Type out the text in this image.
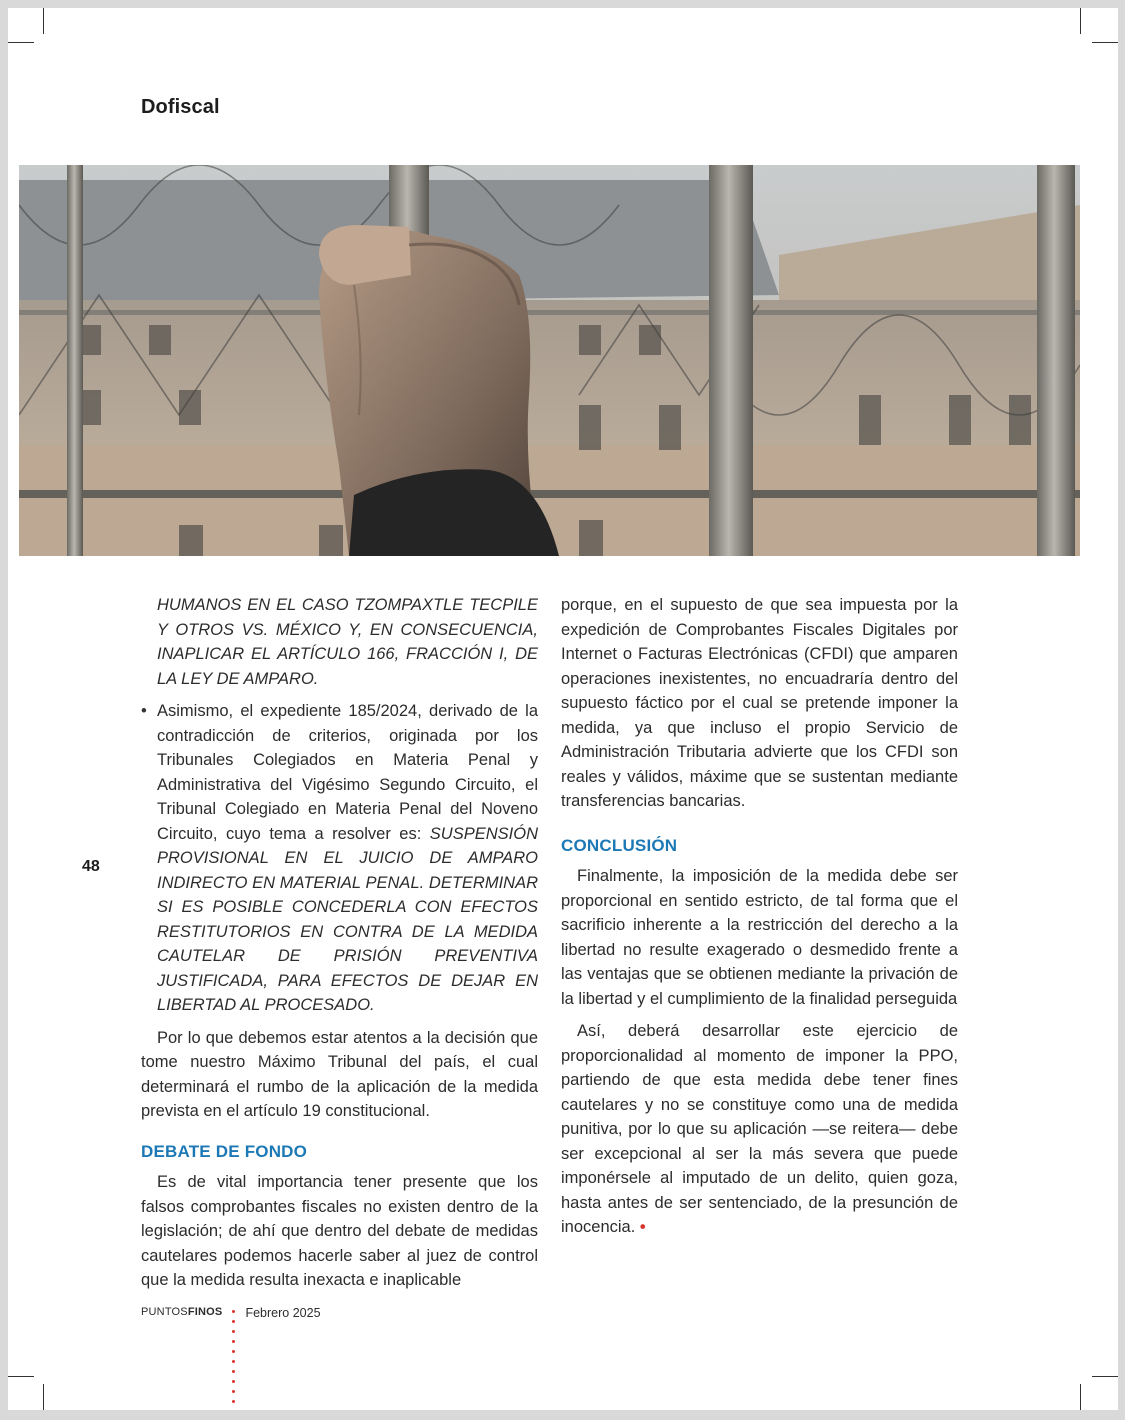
Dofiscal
48

HUMANOS EN EL CASO TZOMPAXTLE TECPILE Y OTROS VS. MÉXICO Y, EN CONSECUENCIA, INAPLICAR EL ARTÍCULO 166, FRACCIÓN I, DE LA LEY DE AMPARO.

• Asimismo, el expediente 185/2024, derivado de la contradicción de criterios, originada por los Tribunales Colegiados en Materia Penal y Administrativa del Vigésimo Segundo Circuito, el Tribunal Colegiado en Materia Penal del Noveno Circuito, cuyo tema a resolver es: SUSPENSIÓN PROVISIONAL EN EL JUICIO DE AMPARO INDIRECTO EN MATERIAL PENAL. DETERMINAR SI ES POSIBLE CONCEDERLA CON EFECTOS RESTITUTORIOS EN CONTRA DE LA MEDIDA CAUTELAR DE PRISIÓN PREVENTIVA JUSTIFICADA, PARA EFECTOS DE DEJAR EN LIBERTAD AL PROCESADO.

Por lo que debemos estar atentos a la decisión que tome nuestro Máximo Tribunal del país, el cual determinará el rumbo de la aplicación de la medida prevista en el artículo 19 constitucional.

DEBATE DE FONDO

Es de vital importancia tener presente que los falsos comprobantes fiscales no existen dentro de la legislación; de ahí que dentro del debate de medidas cautelares podemos hacerle saber al juez de control que la medida resulta inexacta e inaplicable

porque, en el supuesto de que sea impuesta por la expedición de Comprobantes Fiscales Digitales por Internet o Facturas Electrónicas (CFDI) que amparen operaciones inexistentes, no encuadraría dentro del supuesto fáctico por el cual se pretende imponer la medida, ya que incluso el propio Servicio de Administración Tributaria advierte que los CFDI son reales y válidos, máxime que se sustentan mediante transferencias bancarias.

CONCLUSIÓN

Finalmente, la imposición de la medida debe ser proporcional en sentido estricto, de tal forma que el sacrificio inherente a la restricción del derecho a la libertad no resulte exagerado o desmedido frente a las ventajas que se obtienen mediante la privación de la libertad y el cumplimiento de la finalidad perseguida

Así, deberá desarrollar este ejercicio de proporcionalidad al momento de imponer la PPO, partiendo de que esta medida debe tener fines cautelares y no se constituye como una de medida punitiva, por lo que su aplicación —se reitera— debe ser excepcional al ser la más severa que puede imponérsele al imputado de un delito, quien goza, hasta antes de ser sentenciado, de la presunción de inocencia. •

PUNTOSFINOS Febrero 2025
